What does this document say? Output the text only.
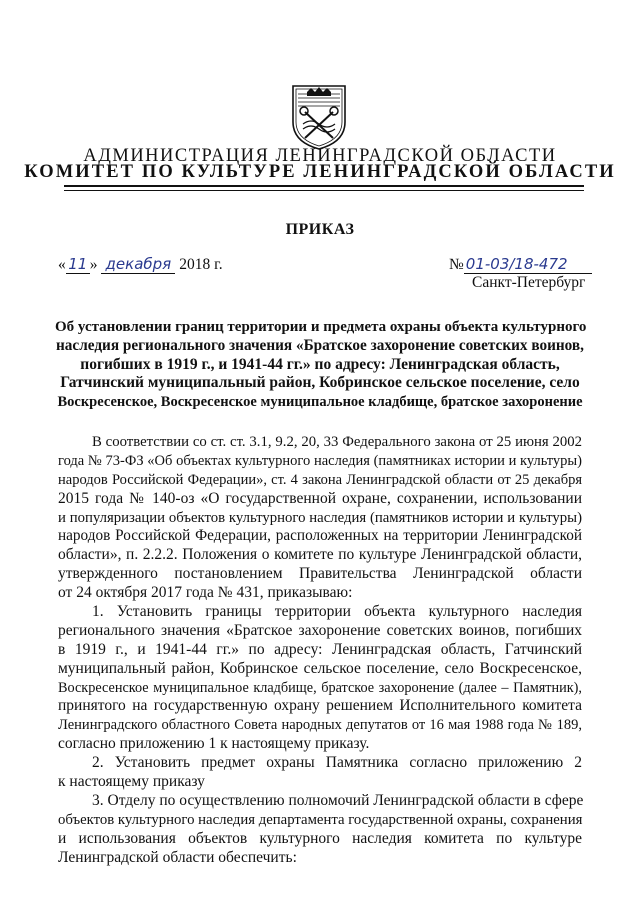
АДМИНИСТРАЦИЯ ЛЕНИНГРАДСКОЙ ОБЛАСТИ
КОМИТЕТ ПО КУЛЬТУРЕ ЛЕНИНГРАДСКОЙ ОБЛАСТИ
ПРИКАЗ
« 11 » декабря 2018 г.	№ 01-03/18-472
Санкт-Петербург
Об установлении границ территории и предмета охраны объекта культурного
наследия регионального значения «Братское захоронение советских воинов,
погибших в 1919 г., и 1941-44 гг.» по адресу: Ленинградская область,
Гатчинский муниципальный район, Кобринское сельское поселение, село
Воскресенское, Воскресенское муниципальное кладбище, братское захоронение
В соответствии со ст. ст. 3.1, 9.2, 20, 33 Федерального закона от 25 июня 2002
года № 73-ФЗ «Об объектах культурного наследия (памятниках истории и культуры)
народов Российской Федерации», ст. 4 закона Ленинградской области от 25 декабря
2015 года № 140-оз «О государственной охране, сохранении, использовании
и популяризации объектов культурного наследия (памятников истории и культуры)
народов Российской Федерации, расположенных на территории Ленинградской
области», п. 2.2.2. Положения о комитете по культуре Ленинградской области,
утвержденного постановлением Правительства Ленинградской области
от 24 октября 2017 года № 431, приказываю:
1. Установить границы территории объекта культурного наследия
регионального значения «Братское захоронение советских воинов, погибших
в 1919 г., и 1941-44 гг.» по адресу: Ленинградская область, Гатчинский
муниципальный район, Кобринское сельское поселение, село Воскресенское,
Воскресенское муниципальное кладбище, братское захоронение (далее – Памятник),
принятого на государственную охрану решением Исполнительного комитета
Ленинградского областного Совета народных депутатов от 16 мая 1988 года № 189,
согласно приложению 1 к настоящему приказу.
2. Установить предмет охраны Памятника согласно приложению 2
к настоящему приказу
3. Отделу по осуществлению полномочий Ленинградской области в сфере
объектов культурного наследия департамента государственной охраны, сохранения
и использования объектов культурного наследия комитета по культуре
Ленинградской области обеспечить:
